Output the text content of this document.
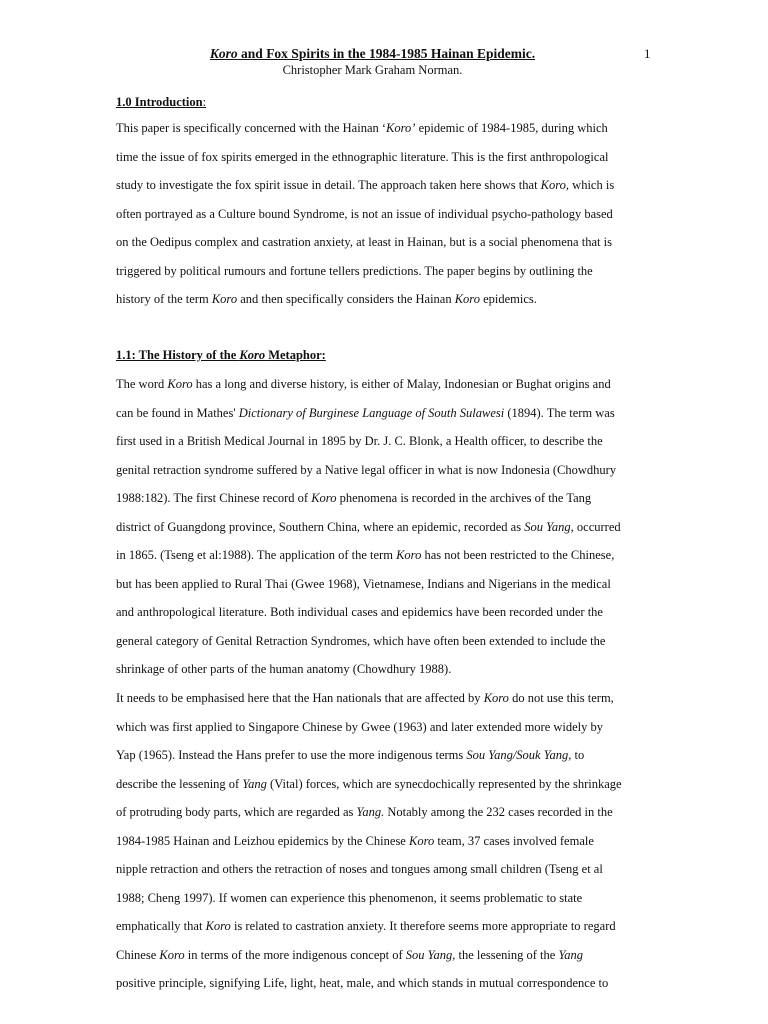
1
Koro and Fox Spirits in the 1984-1985 Hainan Epidemic.
Christopher Mark Graham Norman.
1.0 Introduction:
This paper is specifically concerned with the Hainan ‘Koro’ epidemic of 1984-1985, during which
time the issue of fox spirits emerged in the ethnographic literature. This is the first anthropological
study to investigate the fox spirit issue in detail. The approach taken here shows that Koro, which is
often portrayed as a Culture bound Syndrome, is not an issue of individual psycho-pathology based
on the Oedipus complex and castration anxiety, at least in Hainan, but is a social phenomena that is
triggered by political rumours and fortune tellers predictions. The paper begins by outlining the
history of the term Koro and then specifically considers the Hainan Koro epidemics.
1.1: The History of the Koro Metaphor:
The word Koro has a long and diverse history, is either of Malay, Indonesian or Bughat origins and
can be found in Mathes' Dictionary of Burginese Language of South Sulawesi (1894). The term was
first used in a British Medical Journal in 1895 by Dr. J. C. Blonk, a Health officer, to describe the
genital retraction syndrome suffered by a Native legal officer in what is now Indonesia (Chowdhury
1988:182). The first Chinese record of Koro phenomena is recorded in the archives of the Tang
district of Guangdong province, Southern China, where an epidemic, recorded as Sou Yang, occurred
in 1865. (Tseng et al:1988). The application of the term Koro has not been restricted to the Chinese,
but has been applied to Rural Thai (Gwee 1968), Vietnamese, Indians and Nigerians in the medical
and anthropological literature. Both individual cases and epidemics have been recorded under the
general category of Genital Retraction Syndromes, which have often been extended to include the
shrinkage of other parts of the human anatomy (Chowdhury 1988).
It needs to be emphasised here that the Han nationals that are affected by Koro do not use this term,
which was first applied to Singapore Chinese by Gwee (1963) and later extended more widely by
Yap (1965). Instead the Hans prefer to use the more indigenous terms Sou Yang/Souk Yang, to
describe the lessening of Yang (Vital) forces, which are synecdochically represented by the shrinkage
of protruding body parts, which are regarded as Yang. Notably among the 232 cases recorded in the
1984-1985 Hainan and Leizhou epidemics by the Chinese Koro team, 37 cases involved female
nipple retraction and others the retraction of noses and tongues among small children (Tseng et al
1988; Cheng 1997). If women can experience this phenomenon, it seems problematic to state
emphatically that Koro is related to castration anxiety. It therefore seems more appropriate to regard
Chinese Koro in terms of the more indigenous concept of Sou Yang, the lessening of the Yang
positive principle, signifying Life, light, heat, male, and which stands in mutual correspondence to
